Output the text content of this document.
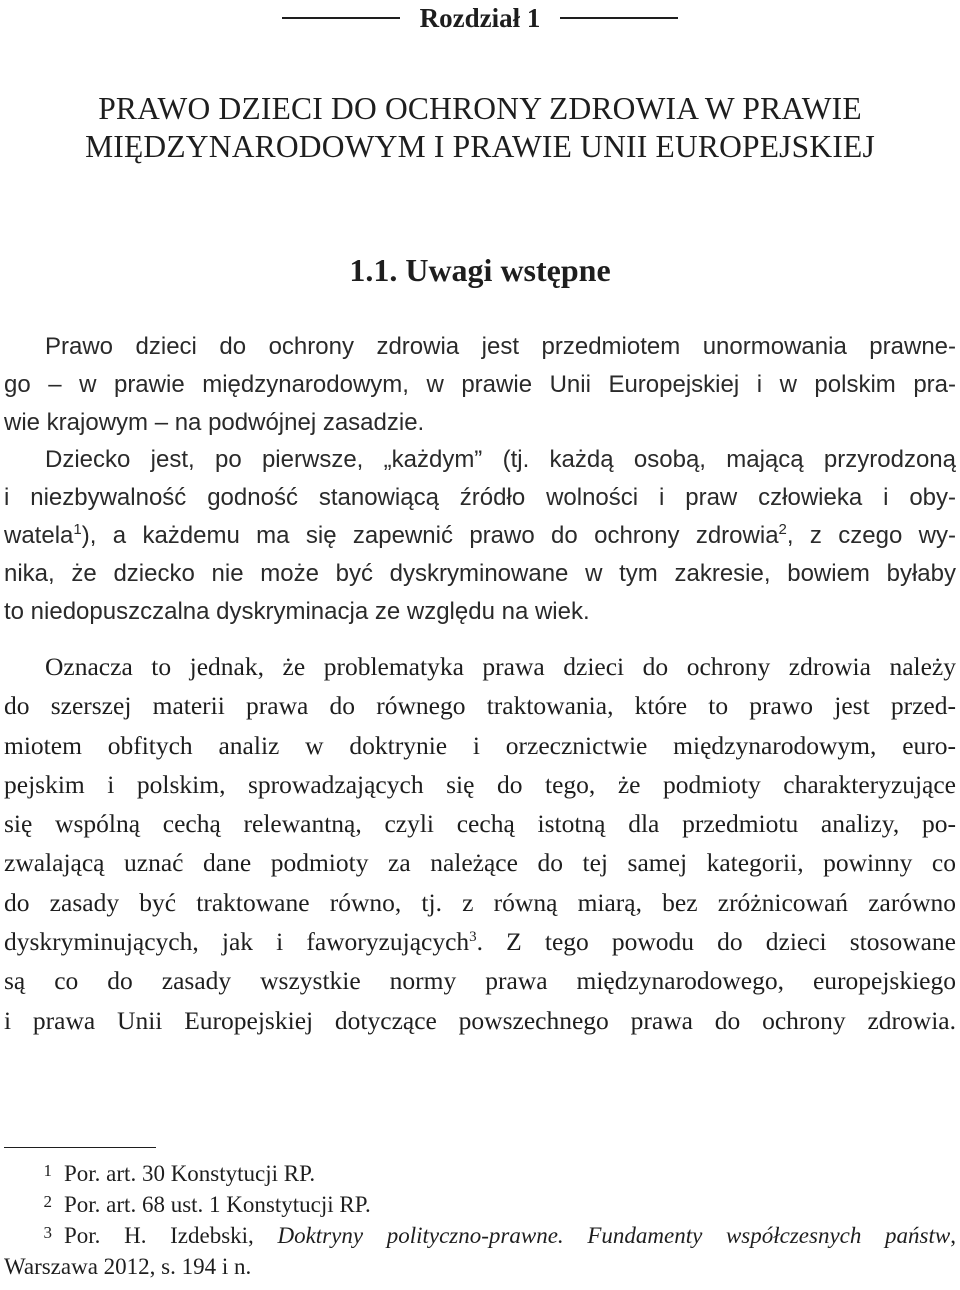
Rozdział 1
PRAWO DZIECI DO OCHRONY ZDROWIA W PRAWIE
MIĘDZYNARODOWYM I PRAWIE UNII EUROPEJSKIEJ
1.1. Uwagi wstępne
Prawo dzieci do ochrony zdrowia jest przedmiotem unormowania prawne-
go – w prawie międzynarodowym, w prawie Unii Europejskiej i w polskim pra-
wie krajowym – na podwójnej zasadzie.
Dziecko jest, po pierwsze, „każdym” (tj. każdą osobą, mającą przyrodzoną
i niezbywalność godność stanowiącą źródło wolności i praw człowieka i oby-
watela$^1$), a każdemu ma się zapewnić prawo do ochrony zdrowia$^2$, z czego wy-
nika, że dziecko nie może być dyskryminowane w tym zakresie, bowiem byłaby
to niedopuszczalna dyskryminacja ze względu na wiek.
Oznacza to jednak, że problematyka prawa dzieci do ochrony zdrowia należy
do szerszej materii prawa do równego traktowania, które to prawo jest przed-
miotem obfitych analiz w doktrynie i orzecznictwie międzynarodowym, euro-
pejskim i polskim, sprowadzających się do tego, że podmioty charakteryzujące
się wspólną cechą relewantną, czyli cechą istotną dla przedmiotu analizy, po-
zwalającą uznać dane podmioty za należące do tej samej kategorii, powinny co
do zasady być traktowane równo, tj. z równą miarą, bez zróżnicowań zarówno
dyskryminujących, jak i faworyzujących$^3$. Z tego powodu do dzieci stosowane
są co do zasady wszystkie normy prawa międzynarodowego, europejskiego
i prawa Unii Europejskiej dotyczące powszechnego prawa do ochrony zdrowia.
1 Por. art. 30 Konstytucji RP.
2 Por. art. 68 ust. 1 Konstytucji RP.
3 Por. H. Izdebski, Doktryny polityczno-prawne. Fundamenty współczesnych państw,
Warszawa 2012, s. 194 i n.
